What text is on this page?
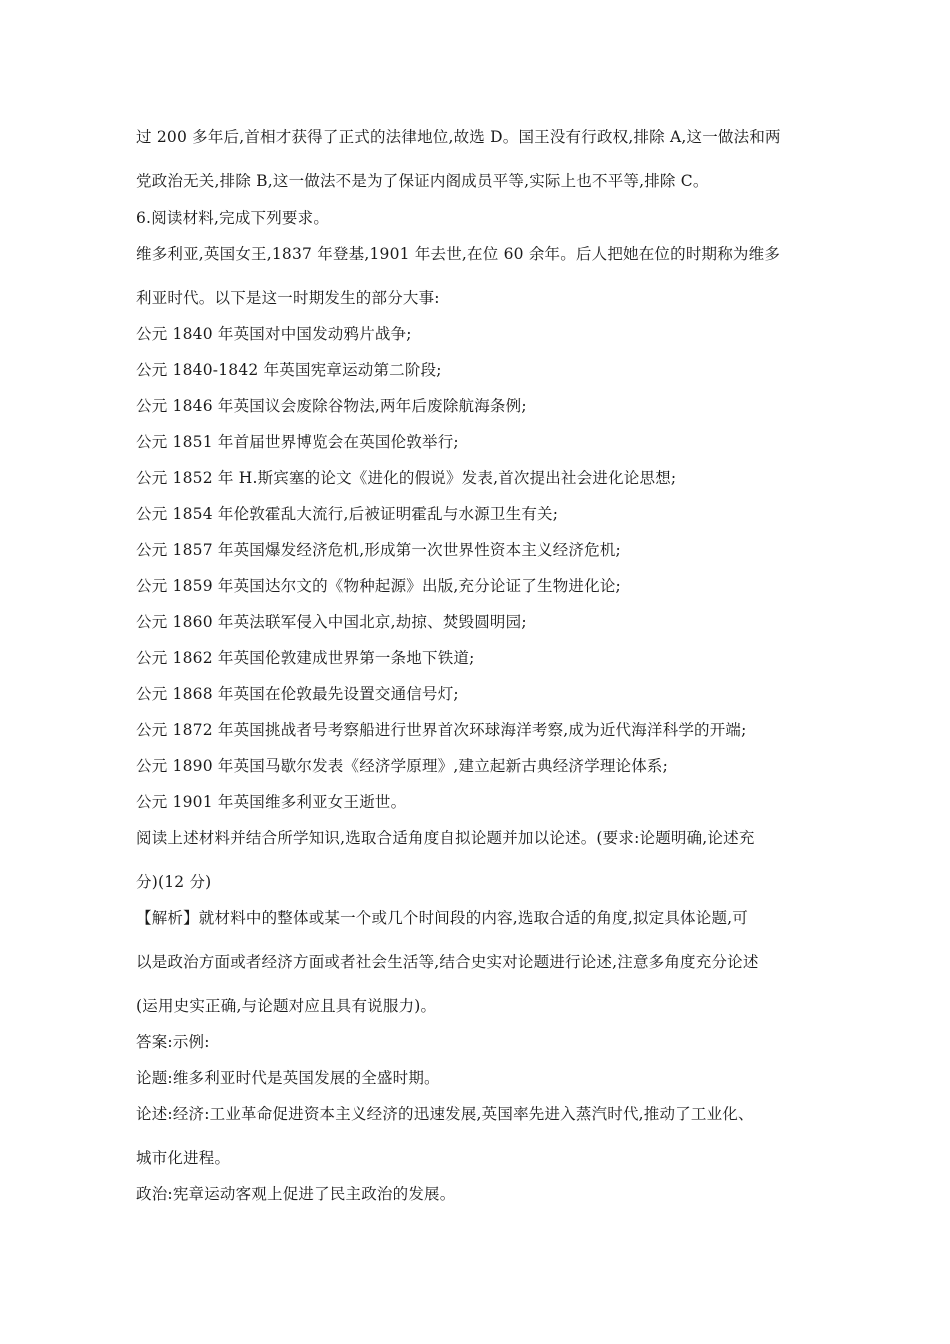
过 200 多年后,首相才获得了正式的法律地位,故选 D。国王没有行政权,排除 A,这一做法和两
党政治无关,排除 B,这一做法不是为了保证内阁成员平等,实际上也不平等,排除 C。
6.阅读材料,完成下列要求。
维多利亚,英国女王,1837 年登基,1901 年去世,在位 60 余年。后人把她在位的时期称为维多
利亚时代。以下是这一时期发生的部分大事:
公元 1840 年英国对中国发动鸦片战争;
公元 1840-1842 年英国宪章运动第二阶段;
公元 1846 年英国议会废除谷物法,两年后废除航海条例;
公元 1851 年首届世界博览会在英国伦敦举行;
公元 1852 年 H.斯宾塞的论文《进化的假说》发表,首次提出社会进化论思想;
公元 1854 年伦敦霍乱大流行,后被证明霍乱与水源卫生有关;
公元 1857 年英国爆发经济危机,形成第一次世界性资本主义经济危机;
公元 1859 年英国达尔文的《物种起源》出版,充分论证了生物进化论;
公元 1860 年英法联军侵入中国北京,劫掠、焚毁圆明园;
公元 1862 年英国伦敦建成世界第一条地下铁道;
公元 1868 年英国在伦敦最先设置交通信号灯;
公元 1872 年英国挑战者号考察船进行世界首次环球海洋考察,成为近代海洋科学的开端;
公元 1890 年英国马歇尔发表《经济学原理》,建立起新古典经济学理论体系;
公元 1901 年英国维多利亚女王逝世。
阅读上述材料并结合所学知识,选取合适角度自拟论题并加以论述。(要求:论题明确,论述充
分)(12 分)
【解析】就材料中的整体或某一个或几个时间段的内容,选取合适的角度,拟定具体论题,可
以是政治方面或者经济方面或者社会生活等,结合史实对论题进行论述,注意多角度充分论述
(运用史实正确,与论题对应且具有说服力)。
答案:示例:
论题:维多利亚时代是英国发展的全盛时期。
论述:经济:工业革命促进资本主义经济的迅速发展,英国率先进入蒸汽时代,推动了工业化、
城市化进程。
政治:宪章运动客观上促进了民主政治的发展。
